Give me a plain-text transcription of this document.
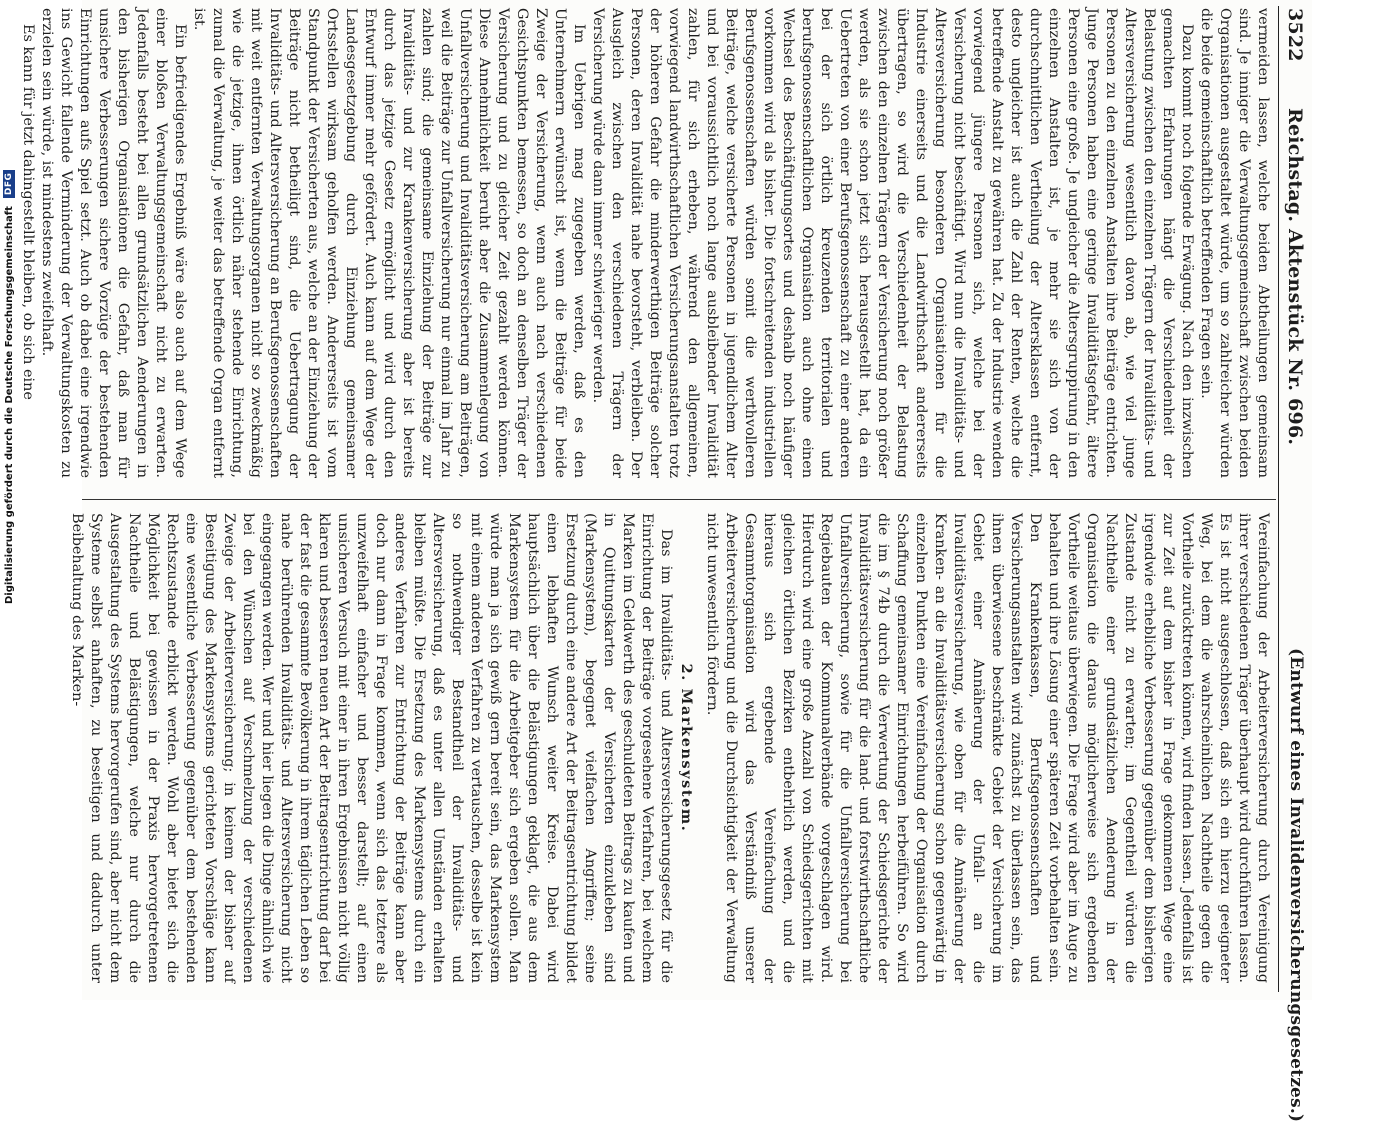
3522
Reichstag. Aktenstück Nr. 696.
(Entwurf eines Invalidenversicherungsgesetzes.)

vermeiden lassen, welche beiden Abtheilungen gemeinsam sind. Je inniger die Verwaltungsgemeinschaft zwischen beiden Organisationen ausgestaltet würde, um so zahlreicher würden die beide gemeinschaftlich betreffenden Fragen sein.

Dazu kommt noch folgende Erwägung. Nach den inzwischen gemachten Erfahrungen hängt die Verschiedenheit der Belastung zwischen den einzelnen Trägern der Invaliditäts- und Altersversicherung wesentlich davon ab, wie viel junge Personen zu den einzelnen Anstalten ihre Beiträge entrichten. Junge Personen haben eine geringe Invaliditätsgefahr, ältere Personen eine große. Je ungleicher die Altersgruppirung in den einzelnen Anstalten ist, je mehr sie sich von der durchschnittlichen Vertheilung der Altersklassen entfernt, desto ungleicher ist auch die Zahl der Renten, welche die betreffende Anstalt zu gewähren hat. Zu der Industrie wenden vorwiegend jüngere Personen sich, welche bei der Versicherung nicht beschäftigt. Wird nun die Invaliditäts- und Altersversicherung besonderen Organisationen für die Industrie einerseits und die Landwirthschaft andererseits übertragen, so wird die Verschiedenheit der Belastung zwischen den einzelnen Trägern der Versicherung noch größer werden, als sie schon jetzt sich herausgestellt hat, da ein Uebertreten von einer Berufsgenossenschaft zu einer anderen bei der sich örtlich kreuzenden territorialen und berufsgenossenschaftlichen Organisation auch ohne einen Wechsel des Beschäftigungsortes und deshalb noch häufiger vorkommen wird als bisher. Die fortschreitenden industriellen Berufsgenossenschaften würden somit die werthvolleren Beiträge, welche versicherte Personen in jugendlichem Alter und bei voraussichtlich noch lange ausbleibender Invalidität zahlen, für sich erheben, während den allgemeinen, vorwiegend landwirthschaftlichen Versicherungsanstalten trotz der höheren Gefahr die minderwerthigen Beiträge solcher Personen, deren Invalidität nahe bevorsteht, verbleiben. Der Ausgleich zwischen den verschiedenen Trägern der Versicherung würde dann immer schwieriger werden.

Im Uebrigen mag zugegeben werden, daß es den Unternehmern erwünscht ist, wenn die Beiträge für beide Zweige der Versicherung, wenn auch nach verschiedenen Gesichtspunkten bemessen, so doch an denselben Träger der Versicherung und zu gleicher Zeit gezahlt werden können. Diese Annehmlichkeit beruht aber die Zusammenlegung von Unfallversicherung und Invaliditätsversicherung am Beiträgen, weil die Beiträge zur Unfallversicherung nur einmal im Jahr zu zahlen sind; die gemeinsame Einziehung der Beiträge zur Invaliditäts- und zur Krankenversicherung aber ist bereits durch das jetzige Gesetz ermöglicht und wird durch den Entwurf immer mehr gefördert. Auch kann auf dem Wege der Landesgesetzgebung durch Einziehung gemeinsamer Ortsstellen wirksam geholfen werden. Andererseits ist vom Standpunkt der Versicherten aus, welche an der Einziehung der Beiträge nicht betheiligt sind, die Uebertragung der Invaliditäts- und Altersversicherung an Berufsgenossenschaften mit weit entfernten Verwaltungsorganen nicht so zweckmäßig wie die jetzige, ihnen örtlich näher stehende Einrichtung, zumal die Verwaltung, je weiter das betreffende Organ entfernt ist.

Ein befriedigendes Ergebniß wäre also auch auf dem Wege einer bloßen Verwaltungsgemeinschaft nicht zu erwarten. Jedenfalls besteht bei allen grundsätzlichen Aenderungen in den bisherigen Organisationen die Gefahr, daß man für unsichere Verbesserungen sichere Vorzüge der bestehenden Einrichtungen aufs Spiel setzt. Auch ob dabei eine irgendwie ins Gewicht fallende Verminderung der Verwaltungskosten zu erzielen sein würde, ist mindestens zweifelhaft.

Es kann für jetzt dahingestellt bleiben, ob sich eine

Vereinfachung der Arbeiterversicherung durch Vereinigung ihrer verschiedenen Träger überhaupt wird durchführen lassen. Es ist nicht ausgeschlossen, daß sich ein hierzu geeigneter Weg, bei dem die wahrscheinlichen Nachtheile gegen die Vortheile zurücktreten können, wird finden lassen. Jedenfalls ist zur Zeit auf dem bisher in Frage gekommenen Wege eine irgendwie erhebliche Verbesserung gegenüber dem bisherigen Zustande nicht zu erwarten; im Gegentheil würden die Nachtheile einer grundsätzlichen Aenderung in der Organisation die daraus möglicherweise sich ergebenden Vortheile weitaus überwiegen. Die Frage wird aber im Auge zu behalten und ihre Lösung einer späteren Zeit vorbehalten sein. Den Krankenkassen, Berufsgenossenschaften und Versicherungsanstalten wird zunächst zu überlassen sein, das ihnen überwiesene beschränkte Gebiet der Versicherung im Gebiet einer Annäherung der Unfall- an die Invaliditätsversicherung, wie oben für die Annäherung der Kranken- an die Invaliditätsversicherung schon gegenwärtig in einzelnen Punkten eine Vereinfachung der Organisation durch Schaffung gemeinsamer Einrichtungen herbeiführen. So wird die im § 74b durch die Verwertung der Schiedsgerichte der Invaliditätsversicherung für die land- und forstwirthschaftliche Unfallversicherung, sowie für die Unfallversicherung bei Regiebauten der Kommunalverbände vorgeschlagen wird. Hierdurch wird eine große Anzahl von Schiedsgerichten mit gleichen örtlichen Bezirken entbehrlich werden, und die hieraus sich ergebende Vereinfachung der Gesammtorganisation wird das Verständniß unserer Arbeiterversicherung und die Durchsichtigkeit der Verwaltung nicht unwesentlich fördern.

2. Markensystem.

Das im Invaliditäts- und Altersversicherungsgesetz für die Einrichtung der Beiträge vorgesehene Verfahren, bei welchem Marken im Geldwerth des geschuldeten Beitrags zu kaufen und in Quittungskarten der Versicherten einzukleben sind (Markensystem), begegnet vielfachen Angriffen; seine Ersetzung durch eine andere Art der Beitragsentrichtung bildet einen lebhaften Wunsch weiter Kreise. Dabei wird hauptsächlich über die Belästigungen geklagt, die aus dem Markensystem für die Arbeitgeber sich ergeben sollen. Man würde man ja sich gewiß gern bereit sein, das Markensystem mit einem anderen Verfahren zu vertauschen, desselbe ist kein so nothwendiger Bestandtheil der Invaliditäts- und Altersversicherung, daß es unter allen Umständen erhalten bleiben müßte. Die Ersetzung des Markensystems durch ein anderes Verfahren zur Entrichtung der Beiträge kann aber doch nur dann in Frage kommen, wenn sich das letztere als unzweifelhaft einfacher und besser darstellt; auf einen unsicheren Versuch mit einer in ihren Ergebnissen nicht völlig klaren und besseren neuen Art der Beitragsentrichtung darf bei der fast die gesammte Bevölkerung in ihrem täglichen Leben so nahe berührenden Invaliditäts- und Altersversicherung nicht eingegangen werden. Wer und hier liegen die Dinge ähnlich wie bei den Wünschen auf Verschmelzung der verschiedenen Zweige der Arbeiterversicherung; in keinem der bisher auf Beseitigung des Markensystems gerichteten Vorschläge kann eine wesentliche Verbesserung gegenüber dem bestehenden Rechtszustande erblickt werden. Wohl aber bietet sich die Möglichkeit bei gewissen in der Praxis hervorgetretenen Nachtheile und Belästigungen, welche nur durch die Ausgestaltung des Systems hervorgerufen sind, aber nicht dem Systeme selbst anhaften, zu beseitigen und dadurch unter Beibehaltung des Marken-

Digitalisierung gefördert durch die Deutsche Forschungsgemeinschaft
DFG
